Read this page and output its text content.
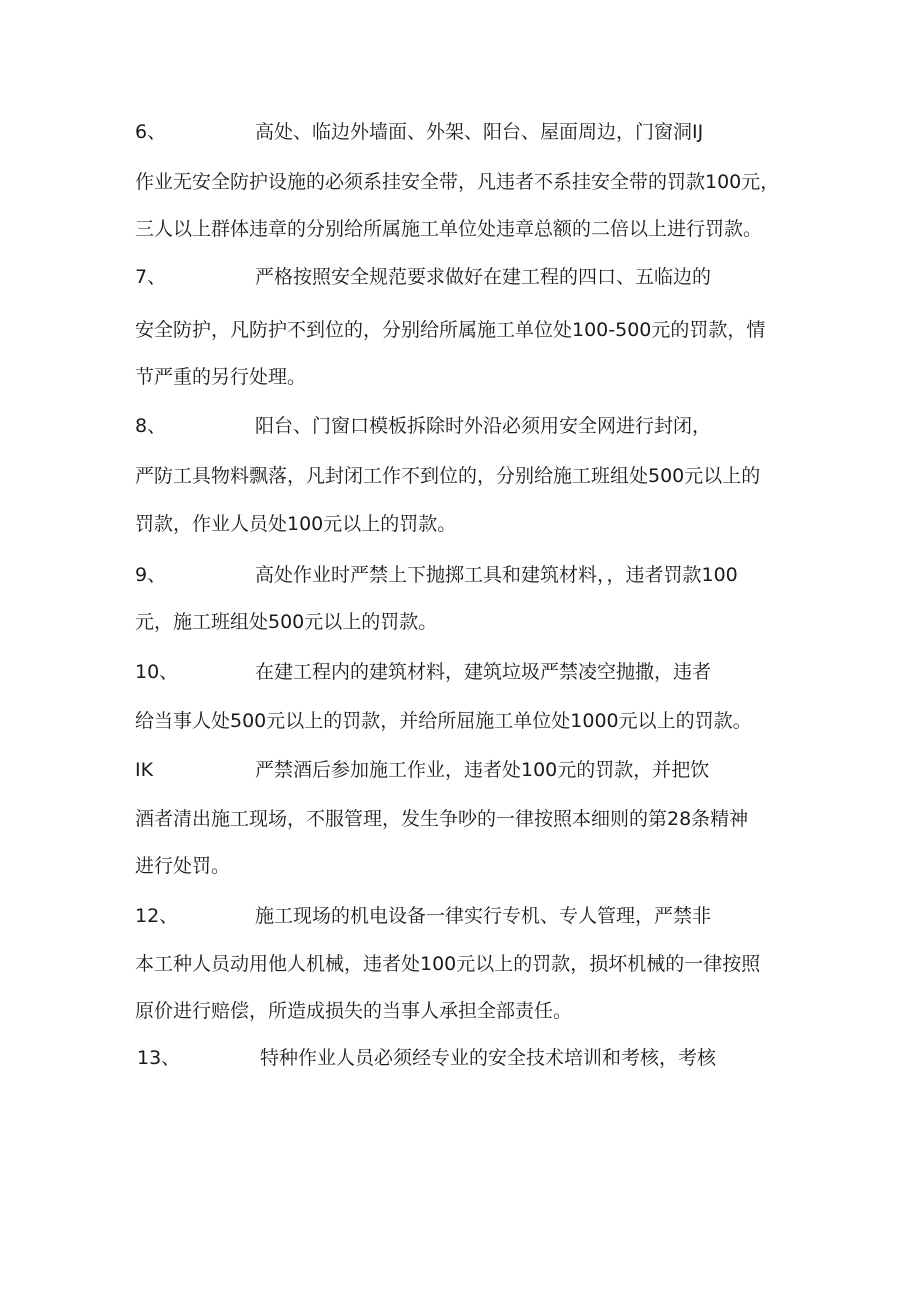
6、	高处、临边外墙面、外架、阳台、屋面周边，门窗洞IJ
作业无安全防护设施的必须系挂安全带，凡违者不系挂安全带的罚款100元，
三人以上群体违章的分别给所属施工单位处违章总额的二倍以上进行罚款。
7、	严格按照安全规范要求做好在建工程的四口、五临边的
安全防护，凡防护不到位的，分别给所属施工单位处100-500元的罚款，情
节严重的另行处理。
8、	阳台、门窗口模板拆除时外沿必须用安全网进行封闭，
严防工具物料飘落，凡封闭工作不到位的，分别给施工班组处500元以上的
罚款，作业人员处100元以上的罚款。
9、	高处作业时严禁上下抛掷工具和建筑材料，，违者罚款100
元，施工班组处500元以上的罚款。
10、	在建工程内的建筑材料，建筑垃圾严禁凌空抛撒，违者
给当事人处500元以上的罚款，并给所屈施工单位处1000元以上的罚款。
IK	严禁酒后参加施工作业，违者处100元的罚款，并把饮
酒者清出施工现场，不服管理，发生争吵的一律按照本细则的第28条精神
进行处罚。
12、	施工现场的机电设备一律实行专机、专人管理，严禁非
本工种人员动用他人机械，违者处100元以上的罚款，损坏机械的一律按照
原价进行赔偿，所造成损失的当事人承担全部责任。
13、	特种作业人员必须经专业的安全技术培训和考核，考核
